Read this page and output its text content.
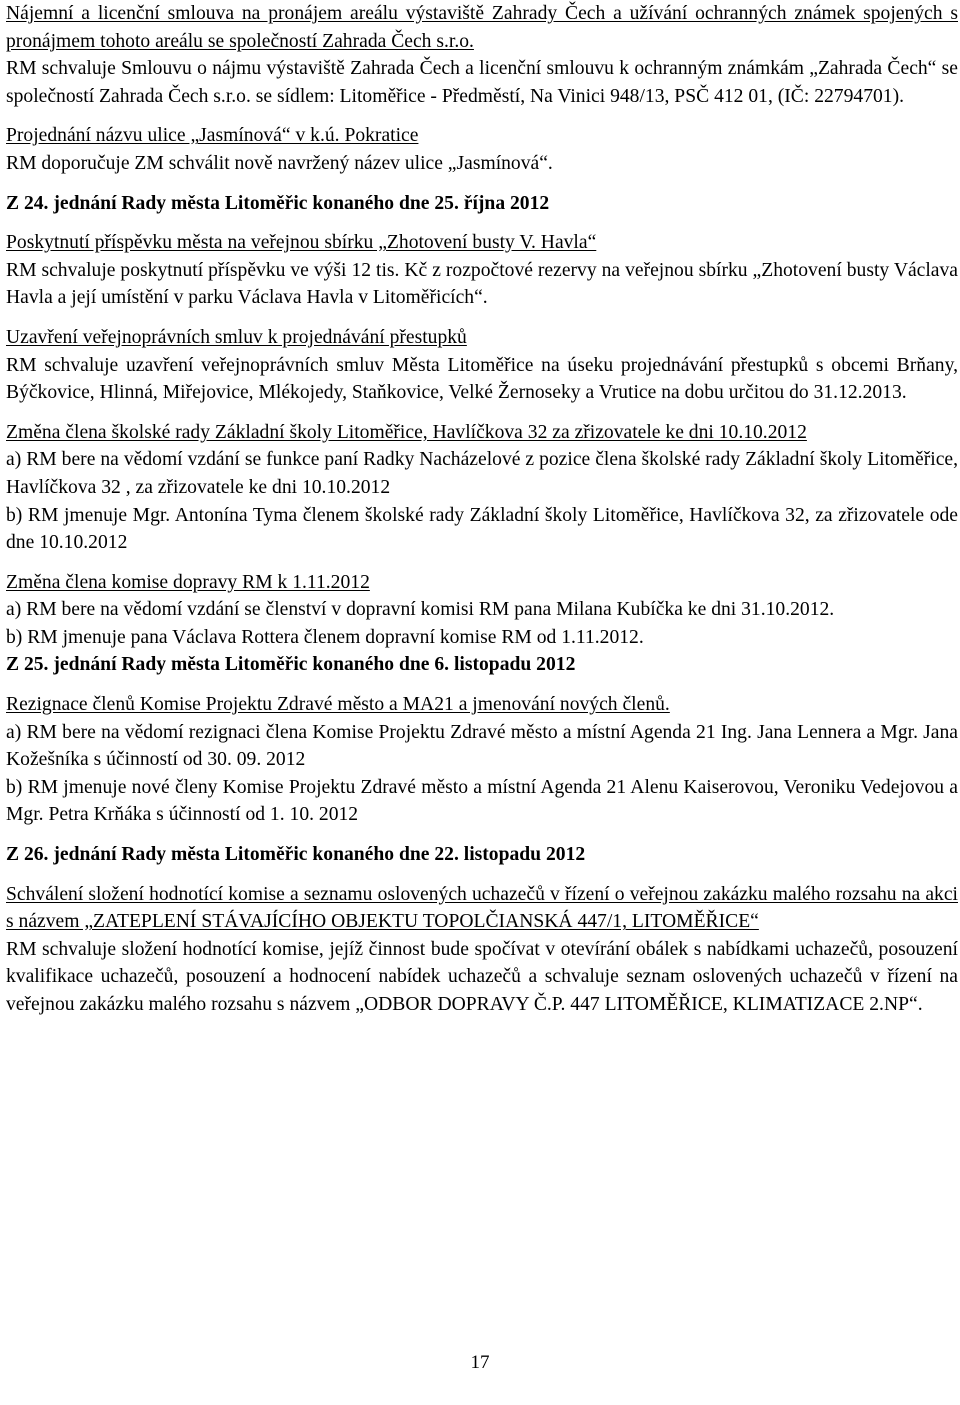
Nájemní a licenční smlouva na pronájem areálu výstaviště Zahrady Čech a užívání ochranných známek spojených s pronájmem tohoto areálu se společností Zahrada Čech s.r.o.

RM schvaluje Smlouvu o nájmu výstaviště Zahrada Čech a licenční smlouvu k ochranným známkám „Zahrada Čech“ se společností Zahrada Čech s.r.o. se sídlem: Litoměřice - Předměstí, Na Vinici 948/13, PSČ 412 01, (IČ: 22794701).

Projednání názvu ulice „Jasmínová“ v k.ú. Pokratice

RM doporučuje ZM schválit nově navržený název ulice „Jasmínová“.

Z 24. jednání Rady města Litoměřic konaného dne 25. října 2012

Poskytnutí příspěvku města na veřejnou sbírku „Zhotovení busty V. Havla“

RM schvaluje poskytnutí příspěvku ve výši 12 tis. Kč z rozpočtové rezervy na veřejnou sbírku „Zhotovení busty Václava Havla a její umístění v parku Václava Havla v Litoměřicích“.

Uzavření veřejnoprávních smluv k projednávání přestupků

RM schvaluje uzavření veřejnoprávních smluv Města Litoměřice na úseku projednávání přestupků s obcemi Brňany, Býčkovice, Hlinná, Miřejovice, Mlékojedy, Staňkovice, Velké Žernoseky a Vrutice na dobu určitou do 31.12.2013.

Změna člena školské rady Základní školy Litoměřice, Havlíčkova 32 za zřizovatele ke dni 10.10.2012

a) RM bere na vědomí vzdání se funkce paní Radky Nacházelové z pozice člena školské rady Základní školy Litoměřice, Havlíčkova 32 , za zřizovatele ke dni 10.10.2012

b) RM jmenuje Mgr. Antonína Tyma členem školské rady Základní školy Litoměřice, Havlíčkova 32, za zřizovatele ode dne 10.10.2012

Změna člena komise dopravy RM k 1.11.2012

a) RM bere na vědomí vzdání se členství v dopravní komisi RM pana Milana Kubíčka ke dni 31.10.2012.

b) RM jmenuje pana Václava Rottera členem dopravní komise RM od 1.11.2012.

Z 25. jednání Rady města Litoměřic konaného dne 6. listopadu 2012

Rezignace členů Komise Projektu Zdravé město a MA21 a jmenování nových členů.

a) RM bere na vědomí rezignaci člena Komise Projektu Zdravé město a místní Agenda 21 Ing. Jana Lennera a Mgr. Jana Kožešníka s účinností od 30. 09. 2012

b) RM jmenuje nové členy Komise Projektu Zdravé město a místní Agenda 21 Alenu Kaiserovou, Veroniku Vedejovou a Mgr. Petra Krňáka s účinností od 1. 10. 2012

Z 26. jednání Rady města Litoměřic konaného dne 22. listopadu 2012

Schválení složení hodnotící komise a seznamu oslovených uchazečů v řízení o veřejnou zakázku malého rozsahu na akci s názvem „ZATEPLENÍ STÁVAJÍCÍHO OBJEKTU TOPOLČIANSKÁ 447/1, LITOMĚŘICE“

RM schvaluje složení hodnotící komise, jejíž činnost bude spočívat v otevírání obálek s nabídkami uchazečů, posouzení kvalifikace uchazečů, posouzení a hodnocení nabídek uchazečů a schvaluje seznam oslovených uchazečů v řízení na veřejnou zakázku malého rozsahu s názvem „ODBOR DOPRAVY Č.P. 447 LITOMĚŘICE, KLIMATIZACE 2.NP“.

17
